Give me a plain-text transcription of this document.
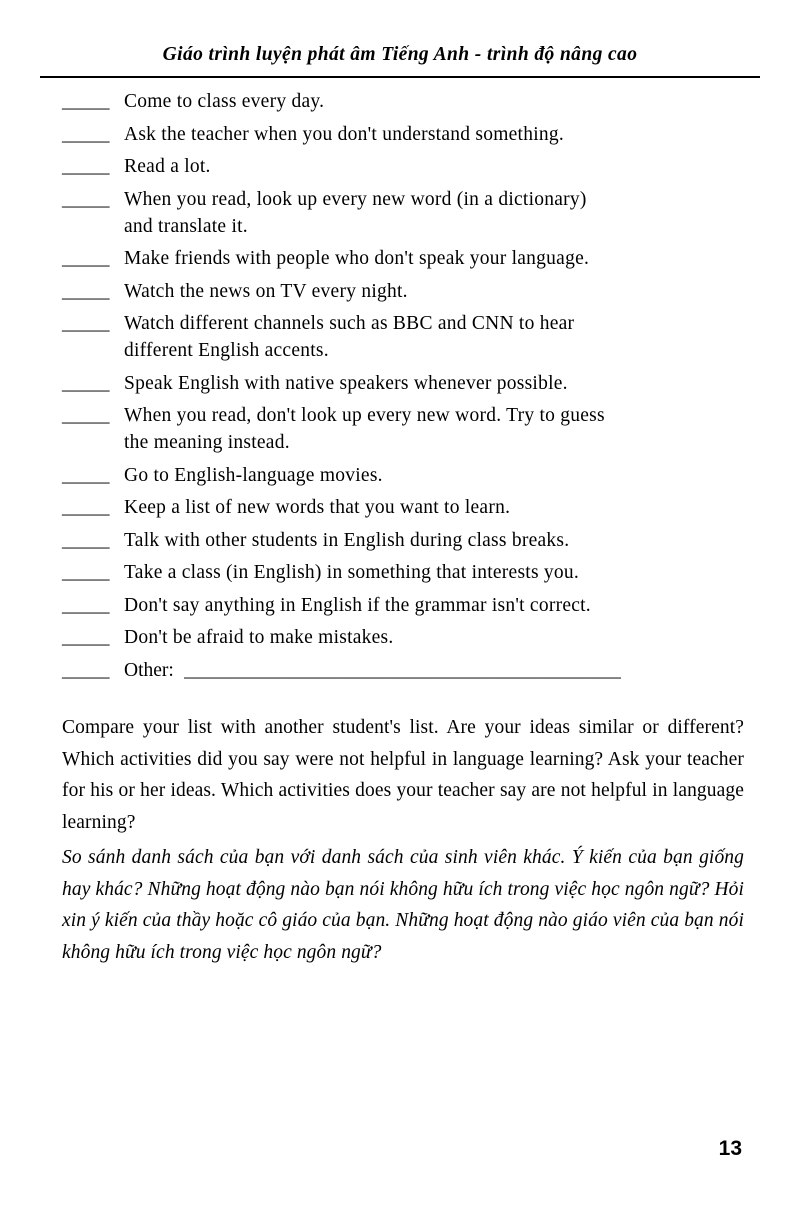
Giáo trình luyện phát âm Tiếng Anh - trình độ nâng cao
_____ Come to class every day.
_____ Ask the teacher when you don't understand something.
_____ Read a lot.
_____ When you read, look up every new word (in a dictionary)
and translate it.
_____ Make friends with people who don't speak your language.
_____ Watch the news on TV every night.
_____ Watch different channels such as BBC and CNN to hear
different English accents.
_____ Speak English with native speakers whenever possible.
_____ When you read, don't look up every new word. Try to guess
the meaning instead.
_____ Go to English-language movies.
_____ Keep a list of new words that you want to learn.
_____ Talk with other students in English during class breaks.
_____ Take a class (in English) in something that interests you.
_____ Don't say anything in English if the grammar isn't correct.
_____ Don't be afraid to make mistakes.
_____ Other: ______________________________________________

Compare your list with another student's list. Are your ideas similar or different? Which activities did you say were not helpful in language learning? Ask your teacher for his or her ideas. Which activities does your teacher say are not helpful in language learning?

So sánh danh sách của bạn với danh sách của sinh viên khác. Ý kiến của bạn giống hay khác? Những hoạt động nào bạn nói không hữu ích trong việc học ngôn ngữ? Hỏi xin ý kiến của thầy hoặc cô giáo của bạn. Những hoạt động nào giáo viên của bạn nói không hữu ích trong việc học ngôn ngữ?

13
